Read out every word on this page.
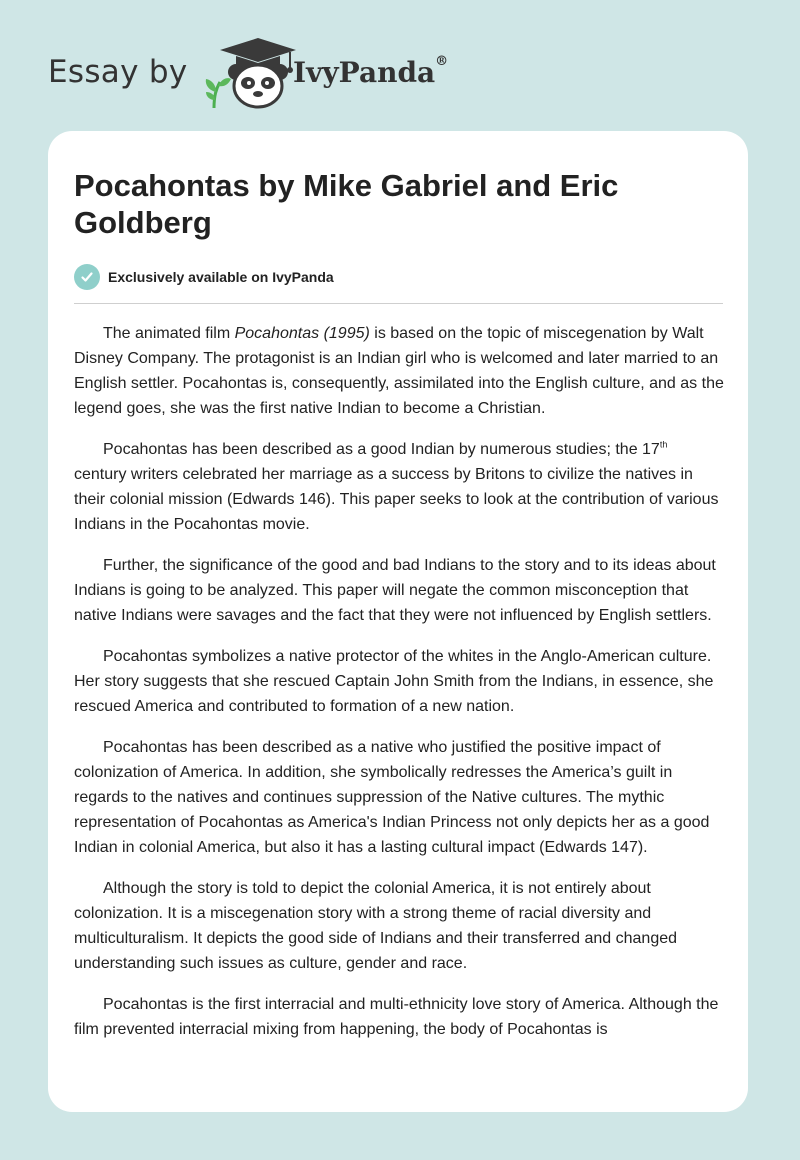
Essay by	IvyPanda®
Pocahontas by Mike Gabriel and Eric Goldberg
Exclusively available on IvyPanda

The animated film Pocahontas (1995) is based on the topic of miscegenation by Walt Disney Company. The protagonist is an Indian girl who is welcomed and later married to an English settler. Pocahontas is, consequently, assimilated into the English culture, and as the legend goes, she was the first native Indian to become a Christian.

Pocahontas has been described as a good Indian by numerous studies; the 17th century writers celebrated her marriage as a success by Britons to civilize the natives in their colonial mission (Edwards 146). This paper seeks to look at the contribution of various Indians in the Pocahontas movie.

Further, the significance of the good and bad Indians to the story and to its ideas about Indians is going to be analyzed. This paper will negate the common misconception that native Indians were savages and the fact that they were not influenced by English settlers.

Pocahontas symbolizes a native protector of the whites in the Anglo-American culture. Her story suggests that she rescued Captain John Smith from the Indians, in essence, she rescued America and contributed to formation of a new nation.

Pocahontas has been described as a native who justified the positive impact of colonization of America. In addition, she symbolically redresses the America’s guilt in regards to the natives and continues suppression of the Native cultures. The mythic representation of Pocahontas as America's Indian Princess not only depicts her as a good Indian in colonial America, but also it has a lasting cultural impact (Edwards 147).

Although the story is told to depict the colonial America, it is not entirely about colonization. It is a miscegenation story with a strong theme of racial diversity and multiculturalism. It depicts the good side of Indians and their transferred and changed understanding such issues as culture, gender and race.

Pocahontas is the first interracial and multi-ethnicity love story of America. Although the film prevented interracial mixing from happening, the body of Pocahontas is
